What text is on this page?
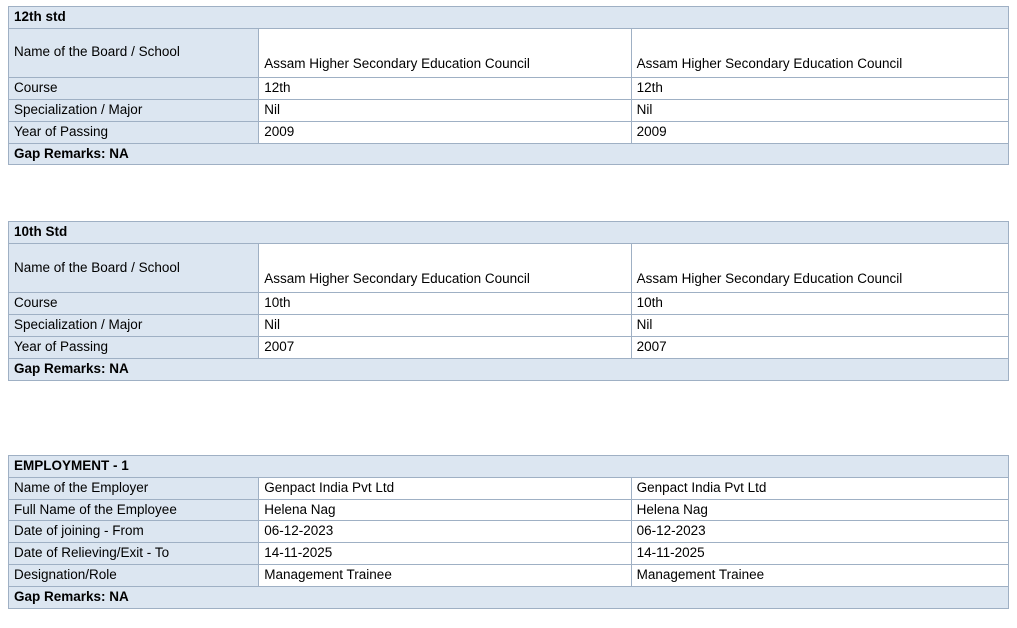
12th std		
Name of the Board / School	Assam Higher Secondary Education Council	Assam Higher Secondary Education Council
Course	12th	12th
Specialization / Major	Nil	Nil
Year of Passing	2009	2009
Gap Remarks: NA		
10th Std		
Name of the Board / School	Assam Higher Secondary Education Council	Assam Higher Secondary Education Council
Course	10th	10th
Specialization / Major	Nil	Nil
Year of Passing	2007	2007
Gap Remarks: NA		
EMPLOYMENT - 1		
Name of the Employer	Genpact India Pvt Ltd	Genpact India Pvt Ltd
Full Name of the Employee	Helena Nag	Helena Nag
Date of joining - From	06-12-2023	06-12-2023
Date of Relieving/Exit - To	14-11-2025	14-11-2025
Designation/Role	Management Trainee	Management Trainee
Gap Remarks: NA		
